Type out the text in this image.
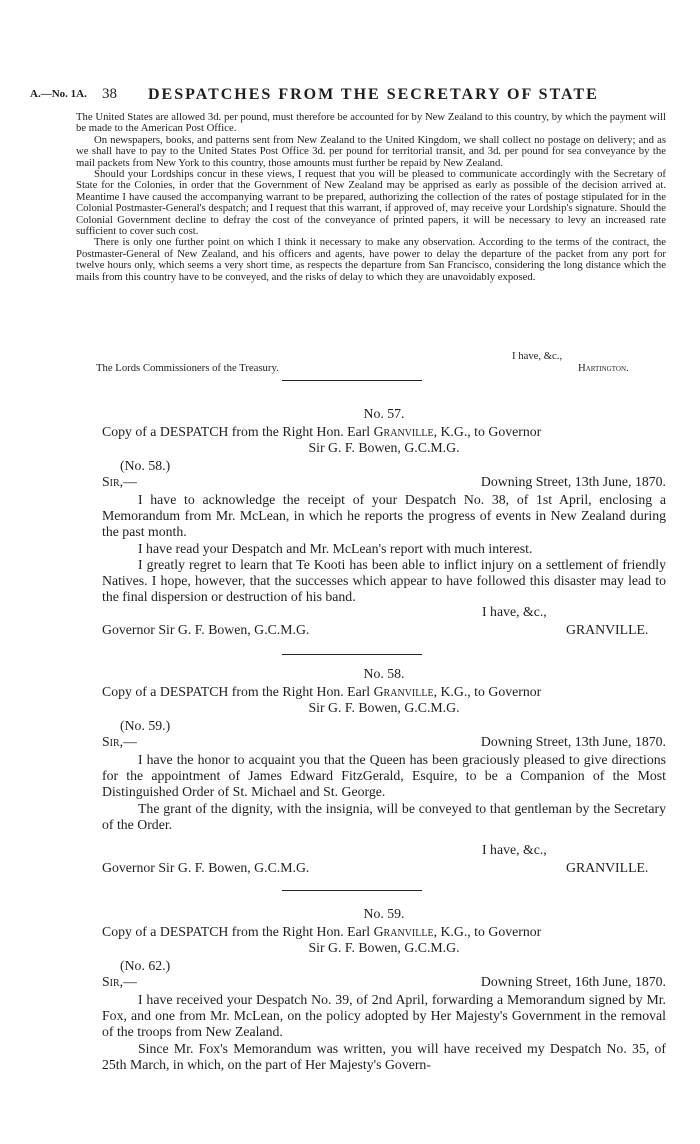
A.—No. 1A. 38 DESPATCHES FROM THE SECRETARY OF STATE

The United States are allowed 3d. per pound, must therefore be accounted for by New Zealand to this country, by which the payment will be made to the American Post Office.

On newspapers, books, and patterns sent from New Zealand to the United Kingdom, we shall collect no postage on delivery; and as we shall have to pay to the United States Post Office 3d. per pound for territorial transit, and 3d. per pound for sea conveyance by the mail packets from New York to this country, those amounts must further be repaid by New Zealand.

Should your Lordships concur in these views, I request that you will be pleased to communicate accordingly with the Secretary of State for the Colonies, in order that the Government of New Zealand may be apprised as early as possible of the decision arrived at. Meantime I have caused the accompanying warrant to be prepared, authorizing the collection of the rates of postage stipulated for in the Colonial Postmaster-General's despatch; and I request that this warrant, if approved of, may receive your Lordship's signature. Should the Colonial Government decline to defray the cost of the conveyance of printed papers, it will be necessary to levy an increased rate sufficient to cover such cost.

There is only one further point on which I think it necessary to make any observation. According to the terms of the contract, the Postmaster-General of New Zealand, and his officers and agents, have power to delay the departure of the packet from any port for twelve hours only, which seems a very short time, as respects the departure from San Francisco, considering the long distance which the mails from this country have to be conveyed, and the risks of delay to which they are unavoidably exposed.

I have, &c.,
The Lords Commissioners of the Treasury.	Hartington.
No. 57.
Copy of a DESPATCH from the Right Hon. Earl Granville, K.G., to Governor
Sir G. F. Bowen, G.C.M.G.
(No. 58.)
Sir,—	Downing Street, 13th June, 1870.

I have to acknowledge the receipt of your Despatch No. 38, of 1st April, enclosing a Memorandum from Mr. McLean, in which he reports the progress of events in New Zealand during the past month.

I have read your Despatch and Mr. McLean's report with much interest.

I greatly regret to learn that Te Kooti has been able to inflict injury on a settlement of friendly Natives. I hope, however, that the successes which appear to have followed this disaster may lead to the final dispersion or destruction of his band.

I have, &c.,
Governor Sir G. F. Bowen, G.C.M.G.	GRANVILLE.
No. 58.
Copy of a DESPATCH from the Right Hon. Earl Granville, K.G., to Governor
Sir G. F. Bowen, G.C.M.G.
(No. 59.)
Sir,—	Downing Street, 13th June, 1870.

I have the honor to acquaint you that the Queen has been graciously pleased to give directions for the appointment of James Edward FitzGerald, Esquire, to be a Companion of the Most Distinguished Order of St. Michael and St. George.

The grant of the dignity, with the insignia, will be conveyed to that gentleman by the Secretary of the Order.

I have, &c.,
Governor Sir G. F. Bowen, G.C.M.G.	GRANVILLE.
No. 59.
Copy of a DESPATCH from the Right Hon. Earl Granville, K.G., to Governor
Sir G. F. Bowen, G.C.M.G.
(No. 62.)
Sir,—	Downing Street, 16th June, 1870.

I have received your Despatch No. 39, of 2nd April, forwarding a Memorandum signed by Mr. Fox, and one from Mr. McLean, on the policy adopted by Her Majesty's Government in the removal of the troops from New Zealand.

Since Mr. Fox's Memorandum was written, you will have received my Despatch No. 35, of 25th March, in which, on the part of Her Majesty's Govern-
